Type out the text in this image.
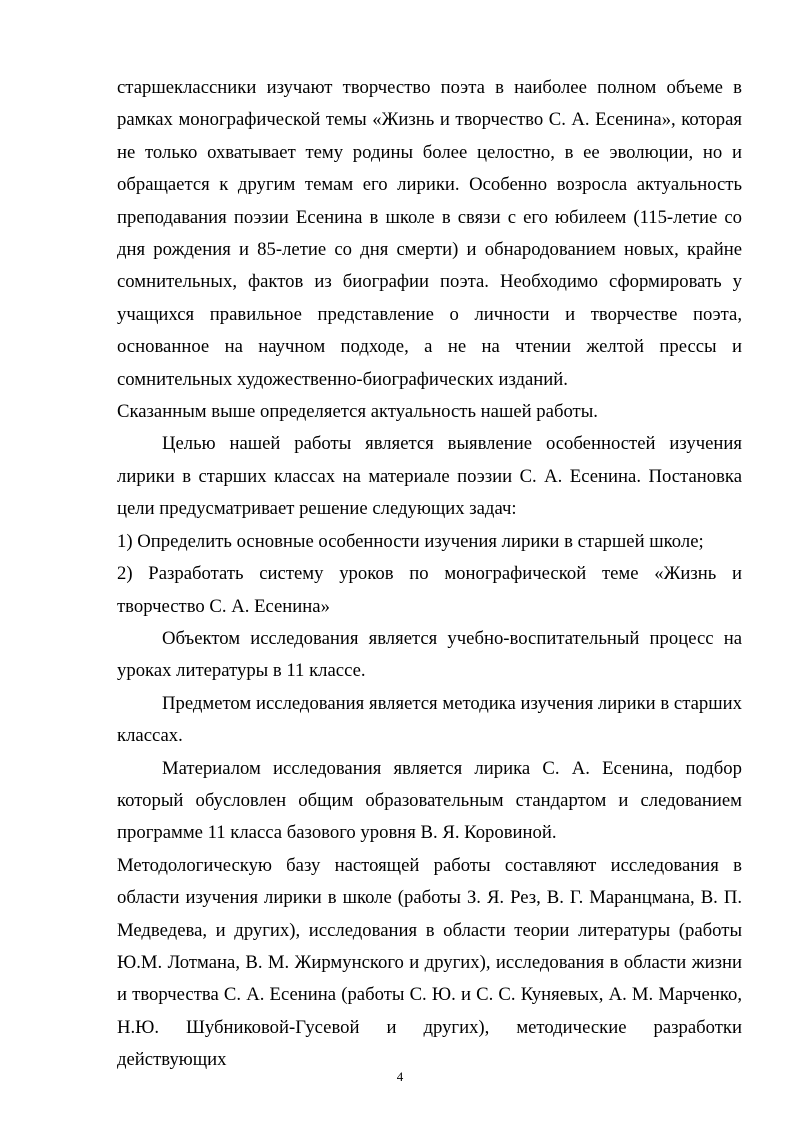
старшеклассники изучают творчество поэта в наиболее полном объеме в рамках монографической темы «Жизнь и творчество С. А. Есенина», которая не только охватывает тему родины более целостно, в ее эволюции, но и обращается к другим темам его лирики. Особенно возросла актуальность преподавания поэзии Есенина в школе в связи с его юбилеем (115-летие со дня рождения и 85-летие со дня смерти) и обнародованием новых, крайне сомнительных, фактов из биографии поэта. Необходимо сформировать у учащихся правильное представление о личности и творчестве поэта, основанное на научном подходе, а не на чтении желтой прессы и сомнительных художественно-биографических изданий.

Сказанным выше определяется актуальность нашей работы.

Целью нашей работы является выявление особенностей изучения лирики в старших классах на материале поэзии С. А. Есенина. Постановка цели предусматривает решение следующих задач:

1) Определить основные особенности изучения лирики в старшей школе;

2) Разработать систему уроков по монографической теме «Жизнь и творчество С. А. Есенина»

Объектом исследования является учебно-воспитательный процесс на уроках литературы в 11 классе.

Предметом исследования является методика изучения лирики в старших классах.

Материалом исследования является лирика С. А. Есенина, подбор который обусловлен общим образовательным стандартом и следованием программе 11 класса базового уровня В. Я. Коровиной.

Методологическую базу настоящей работы составляют исследования в области изучения лирики в школе (работы З. Я. Рез, В. Г. Маранцмана, В. П. Медведева, и других), исследования в области теории литературы (работы Ю.М. Лотмана, В. М. Жирмунского и других), исследования в области жизни и творчества С. А. Есенина (работы С. Ю. и С. С. Куняевых, А. М. Марченко, Н.Ю. Шубниковой-Гусевой и других), методические разработки действующих

4
